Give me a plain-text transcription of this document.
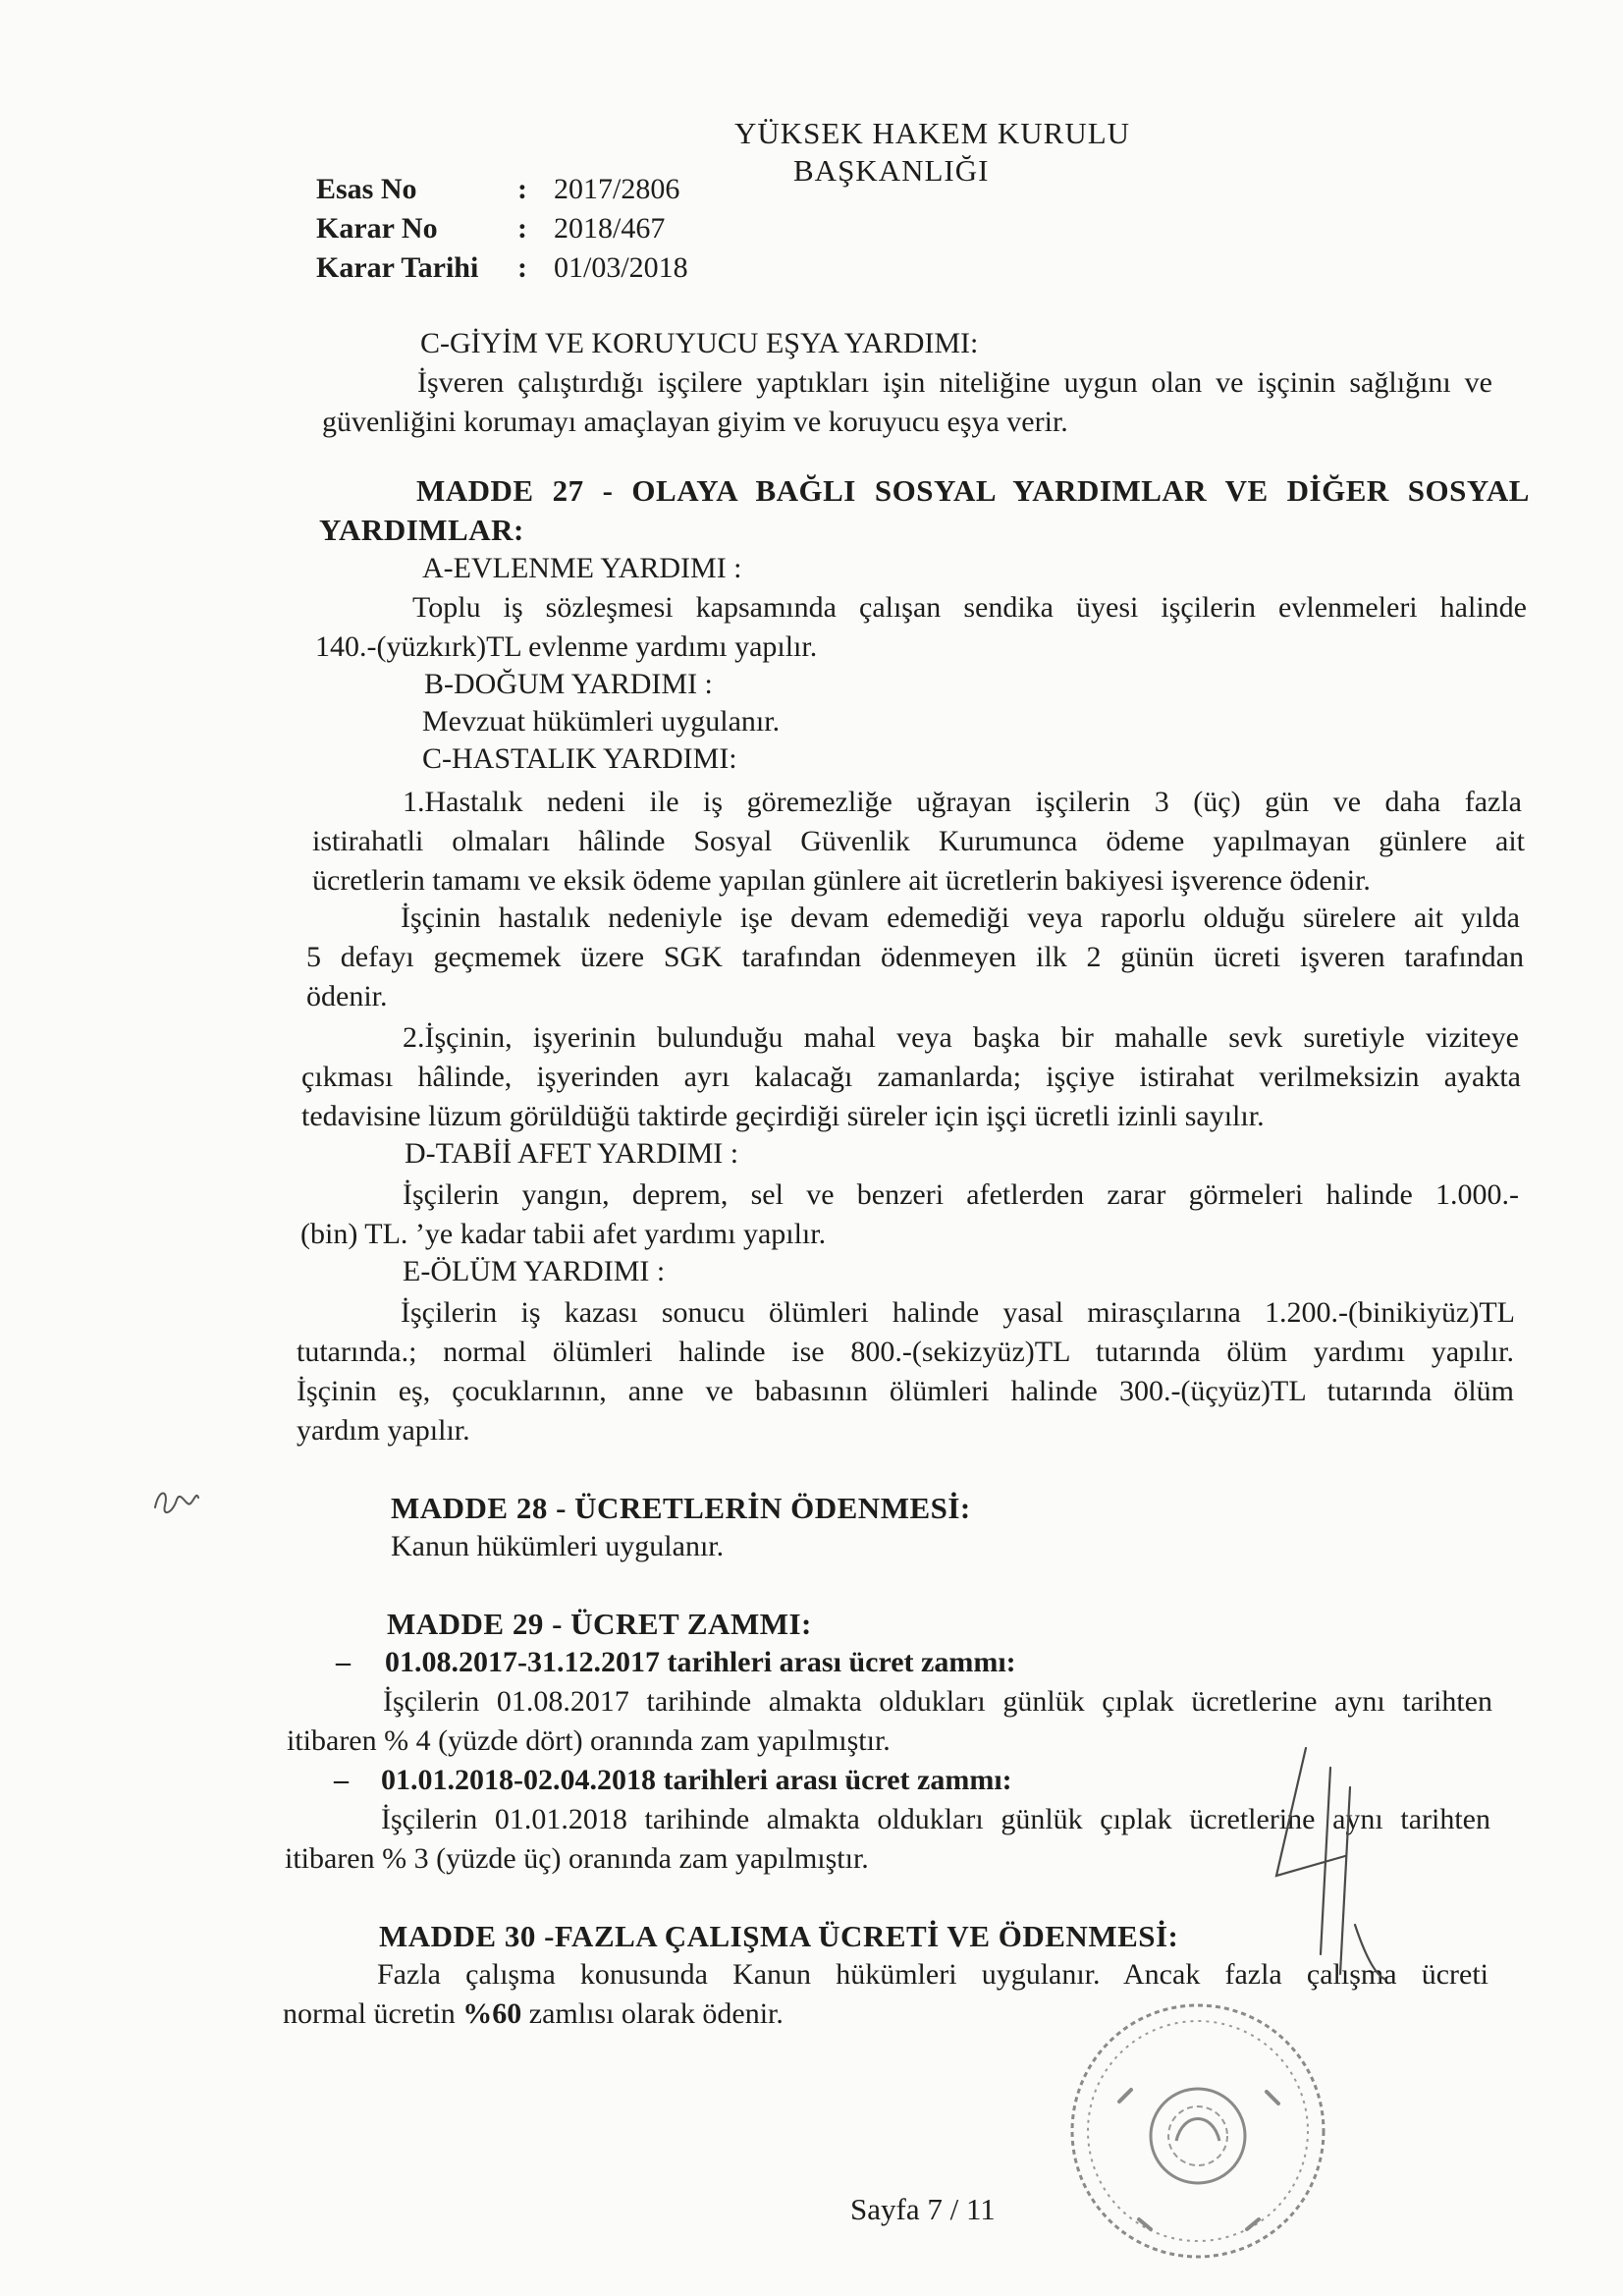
YÜKSEK HAKEM KURULU
BAŞKANLIĞI
Esas No	: 2017/2806
Karar No	: 2018/467
Karar Tarihi : 01/03/2018
C-GİYİM VE KORUYUCU EŞYA YARDIMI:
İşveren çalıştırdığı işçilere yaptıkları işin niteliğine uygun olan ve işçinin sağlığını ve
güvenliğini korumayı amaçlayan giyim ve koruyucu eşya verir.
MADDE 27 - OLAYA BAĞLI SOSYAL YARDIMLAR VE DİĞER SOSYAL
YARDIMLAR:
A-EVLENME YARDIMI :
Toplu iş sözleşmesi kapsamında çalışan sendika üyesi işçilerin evlenmeleri halinde
140.-(yüzkırk)TL evlenme yardımı yapılır.
B-DOĞUM YARDIMI :
Mevzuat hükümleri uygulanır.
C-HASTALIK YARDIMI:
1.Hastalık nedeni ile iş göremezliğe uğrayan işçilerin 3 (üç) gün ve daha fazla
istirahatli olmaları hâlinde Sosyal Güvenlik Kurumunca ödeme yapılmayan günlere ait
ücretlerin tamamı ve eksik ödeme yapılan günlere ait ücretlerin bakiyesi işverence ödenir.
İşçinin hastalık nedeniyle işe devam edemediği veya raporlu olduğu sürelere ait yılda
5 defayı geçmemek üzere SGK tarafından ödenmeyen ilk 2 günün ücreti işveren tarafından
ödenir.
2.İşçinin, işyerinin bulunduğu mahal veya başka bir mahalle sevk suretiyle viziteye
çıkması hâlinde, işyerinden ayrı kalacağı zamanlarda; işçiye istirahat verilmeksizin ayakta
tedavisine lüzum görüldüğü taktirde geçirdiği süreler için işçi ücretli izinli sayılır.
D-TABİİ AFET YARDIMI :
İşçilerin yangın, deprem, sel ve benzeri afetlerden zarar görmeleri halinde 1.000.-
(bin) TL. ’ye kadar tabii afet yardımı yapılır.
E-ÖLÜM YARDIMI :
İşçilerin iş kazası sonucu ölümleri halinde yasal mirasçılarına 1.200.-(binikiyüz)TL
tutarında.; normal ölümleri halinde ise 800.-(sekizyüz)TL tutarında ölüm yardımı yapılır.
İşçinin eş, çocuklarının, anne ve babasının ölümleri halinde 300.-(üçyüz)TL tutarında ölüm
yardım yapılır.
MADDE 28 - ÜCRETLERİN ÖDENMESİ:
Kanun hükümleri uygulanır.
MADDE 29 - ÜCRET ZAMMI:
– 01.08.2017-31.12.2017 tarihleri arası ücret zammı:
İşçilerin 01.08.2017 tarihinde almakta oldukları günlük çıplak ücretlerine aynı tarihten
itibaren % 4 (yüzde dört) oranında zam yapılmıştır.
– 01.01.2018-02.04.2018 tarihleri arası ücret zammı:
İşçilerin 01.01.2018 tarihinde almakta oldukları günlük çıplak ücretlerine aynı tarihten
itibaren % 3 (yüzde üç) oranında zam yapılmıştır.
MADDE 30 -FAZLA ÇALIŞMA ÜCRETİ VE ÖDENMESİ:
Fazla çalışma konusunda Kanun hükümleri uygulanır. Ancak fazla çalışma ücreti
normal ücretin %60 zamlısı olarak ödenir.
Sayfa 7 / 11
